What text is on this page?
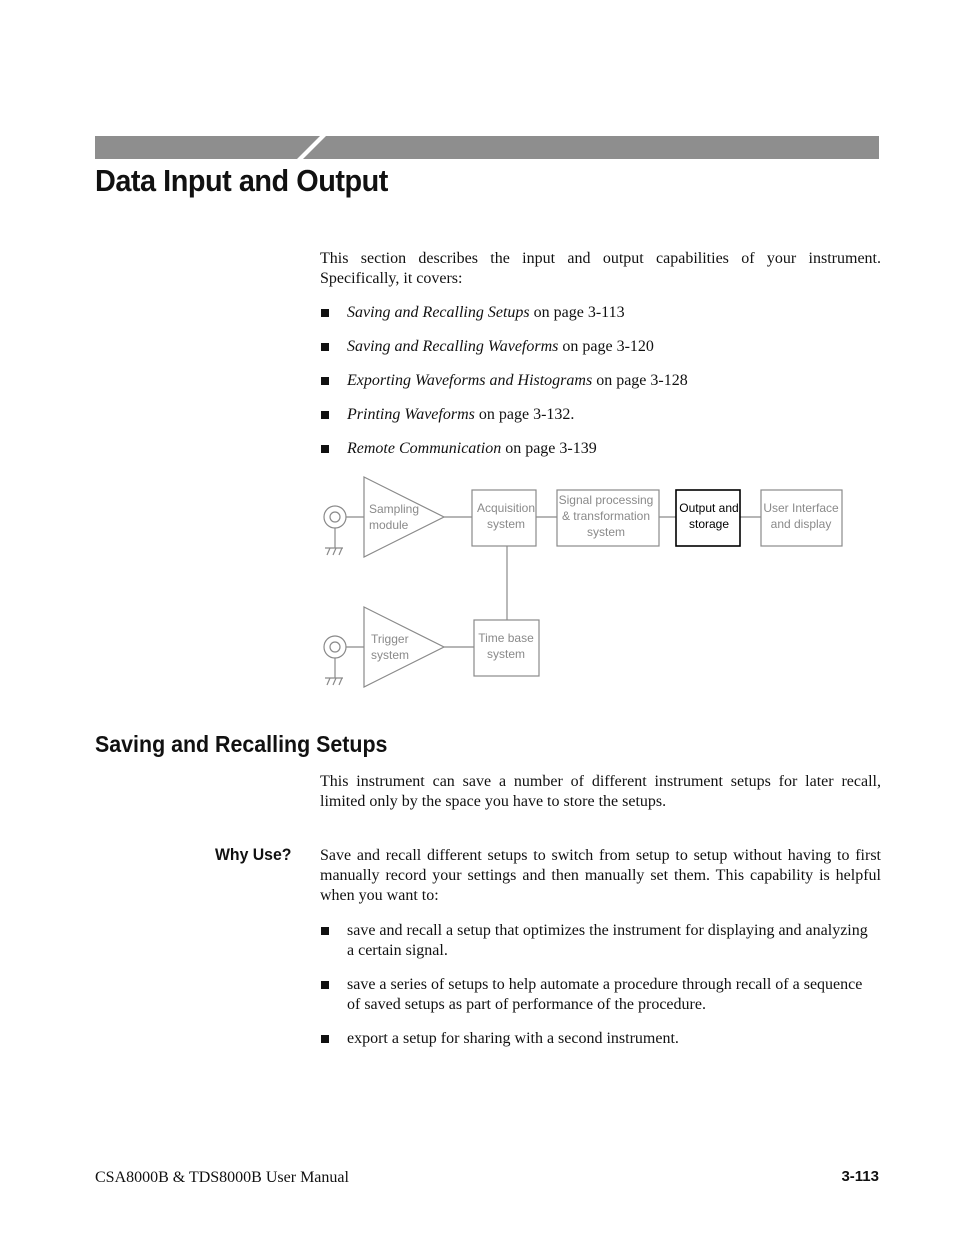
Data Input and Output

This section describes the input and output capabilities of your instrument. Specifically, it covers:

Saving and Recalling Setups on page 3-113
Saving and Recalling Waveforms on page 3-120
Exporting Waveforms and Histograms on page 3-128
Printing Waveforms on page 3-132.
Remote Communication on page 3-139
Sampling
module
Acquisition
system
Signal processing
& transformation
system
User Interface
and display
Trigger
system
Time base
system
Output and
storage
Saving and Recalling Setups

This instrument can save a number of different instrument setups for later recall, limited only by the space you have to store the setups.

Why Use? Save and recall different setups to switch from setup to setup without having to first manually record your settings and then manually set them. This capability is helpful when you want to:

save and recall a setup that optimizes the instrument for displaying and analyzing a certain signal.
save a series of setups to help automate a procedure through recall of a sequence of saved setups as part of performance of the procedure.
export a setup for sharing with a second instrument.
CSA8000B & TDS8000B User Manual	3-113
